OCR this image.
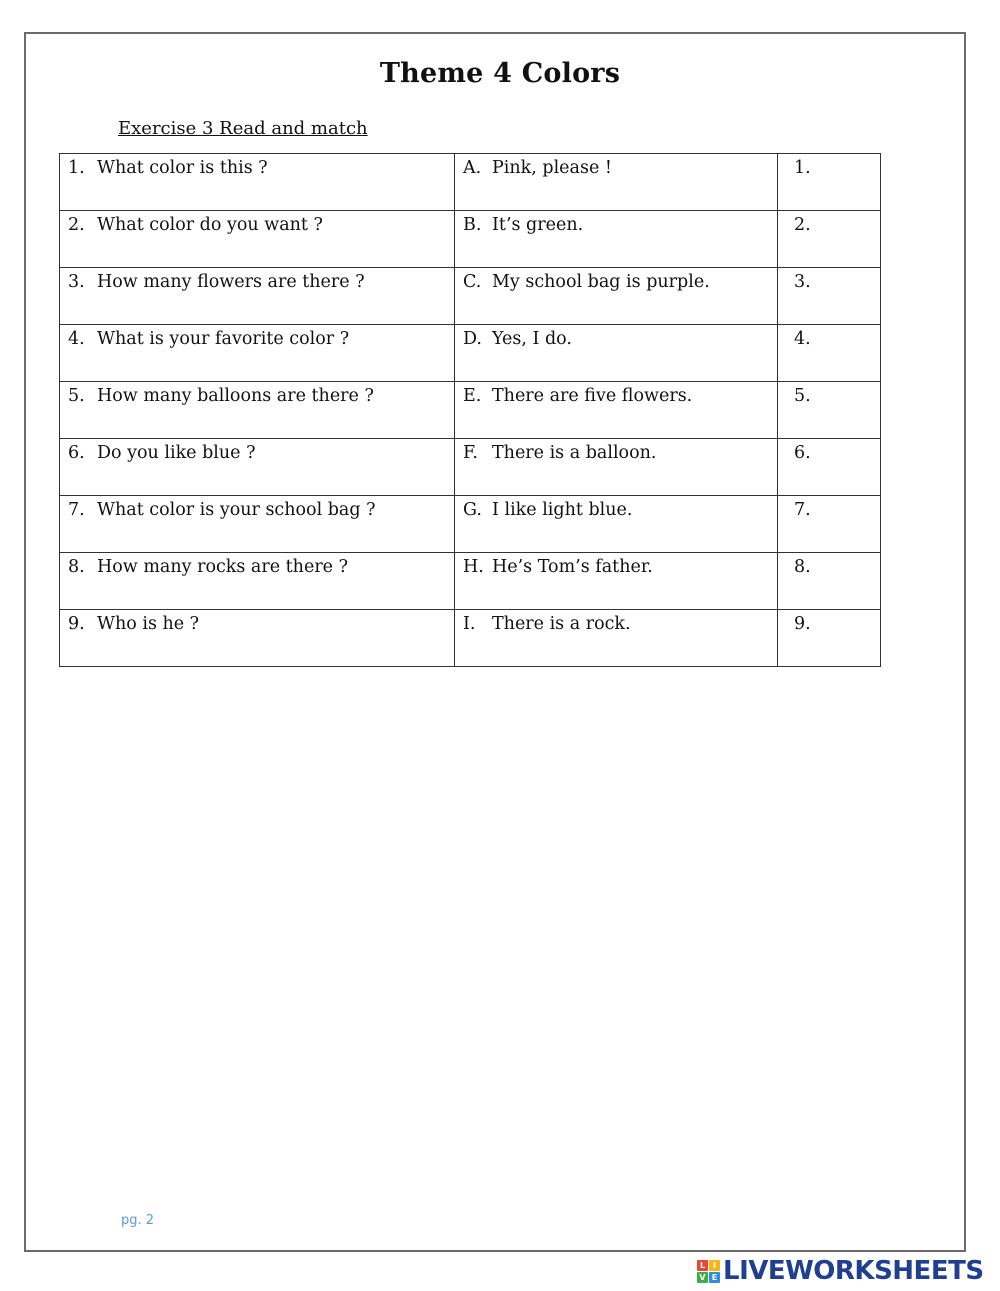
Theme 4 Colors
Exercise 3 Read and match
1. What color is this ?	A. Pink, please !	1.
2. What color do you want ?	B. It’s green.	2.
3. How many flowers are there ?	C. My school bag is purple.	3.
4. What is your favorite color ?	D. Yes, I do.	4.
5. How many balloons are there ?	E. There are five flowers.	5.
6. Do you like blue ?	F. There is a balloon.	6.
7. What color is your school bag ?	G. I like light blue.	7.
8. How many rocks are there ?	H. He’s Tom’s father.	8.
9. Who is he ?	I. There is a rock.	9.
pg. 2
L I
V E LIVEWORKSHEETS
